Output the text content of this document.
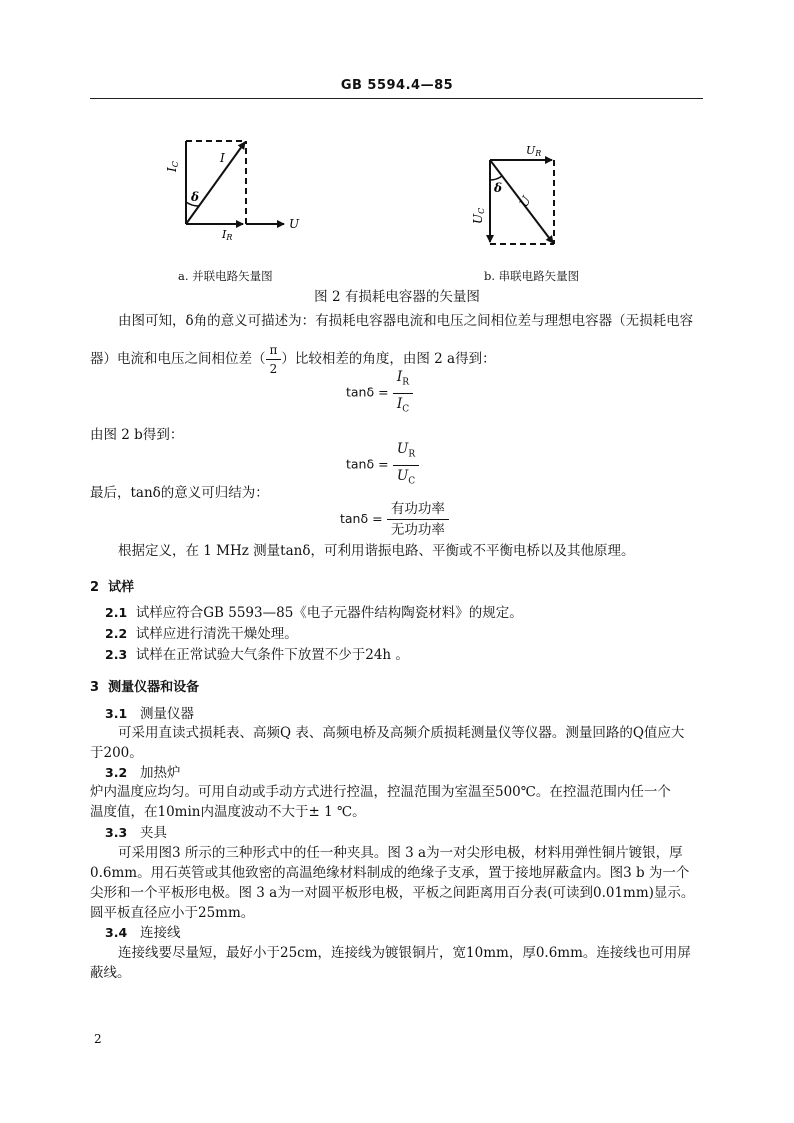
GB 5594.4—85
IC	I
δ
IR
U
UR
δ
U
UC
a. 并联电路矢量图	b. 串联电路矢量图
图 2 有损耗电容器的矢量图
由图可知，δ角的意义可描述为：有损耗电容器电流和电压之间相位差与理想电容器（无损耗电容
器）电流和电压之间相位差（ $\frac{\pi}{2}$ ）比较相差的角度，由图 2 a得到：
$\tan\delta = \frac{I_R}{I_C}$
由图 2 b得到：
$\tan\delta = \frac{U_R}{U_C}$
最后，tanδ的意义可归结为：
$\tan\delta = \frac{\text{有功功率}}{\text{无功功率}}$
根据定义，在 1 MHz 测量tanδ，可利用谐振电路、平衡或不平衡电桥以及其他原理。
2 试样
2.1 试样应符合GB 5593—85《电子元器件结构陶瓷材料》的规定。
2.2 试样应进行清洗干燥处理。
2.3 试样在正常试验大气条件下放置不少于24h 。
3 测量仪器和设备
3.1 测量仪器
可采用直读式损耗表、高频Q 表、高频电桥及高频介质损耗测量仪等仪器。测量回路的Q值应大
于200。
3.2 加热炉
炉内温度应均匀。可用自动或手动方式进行控温，控温范围为室温至500℃。在控温范围内任一个
温度值，在10min内温度波动不大于± 1 ℃。
3.3 夹具
可采用图3 所示的三种形式中的任一种夹具。图 3 a为一对尖形电极，材料用弹性铜片镀银，厚
0.6mm。用石英管或其他致密的高温绝缘材料制成的绝缘子支承，置于接地屏蔽盒内。图3 b 为一个
尖形和一个平板形电极。图 3 a为一对圆平板形电极，平板之间距离用百分表(可读到0.01mm)显示。
圆平板直径应小于25mm。
3.4 连接线
连接线要尽量短，最好小于25cm，连接线为镀银铜片，宽10mm，厚0.6mm。连接线也可用屏
蔽线。
2
